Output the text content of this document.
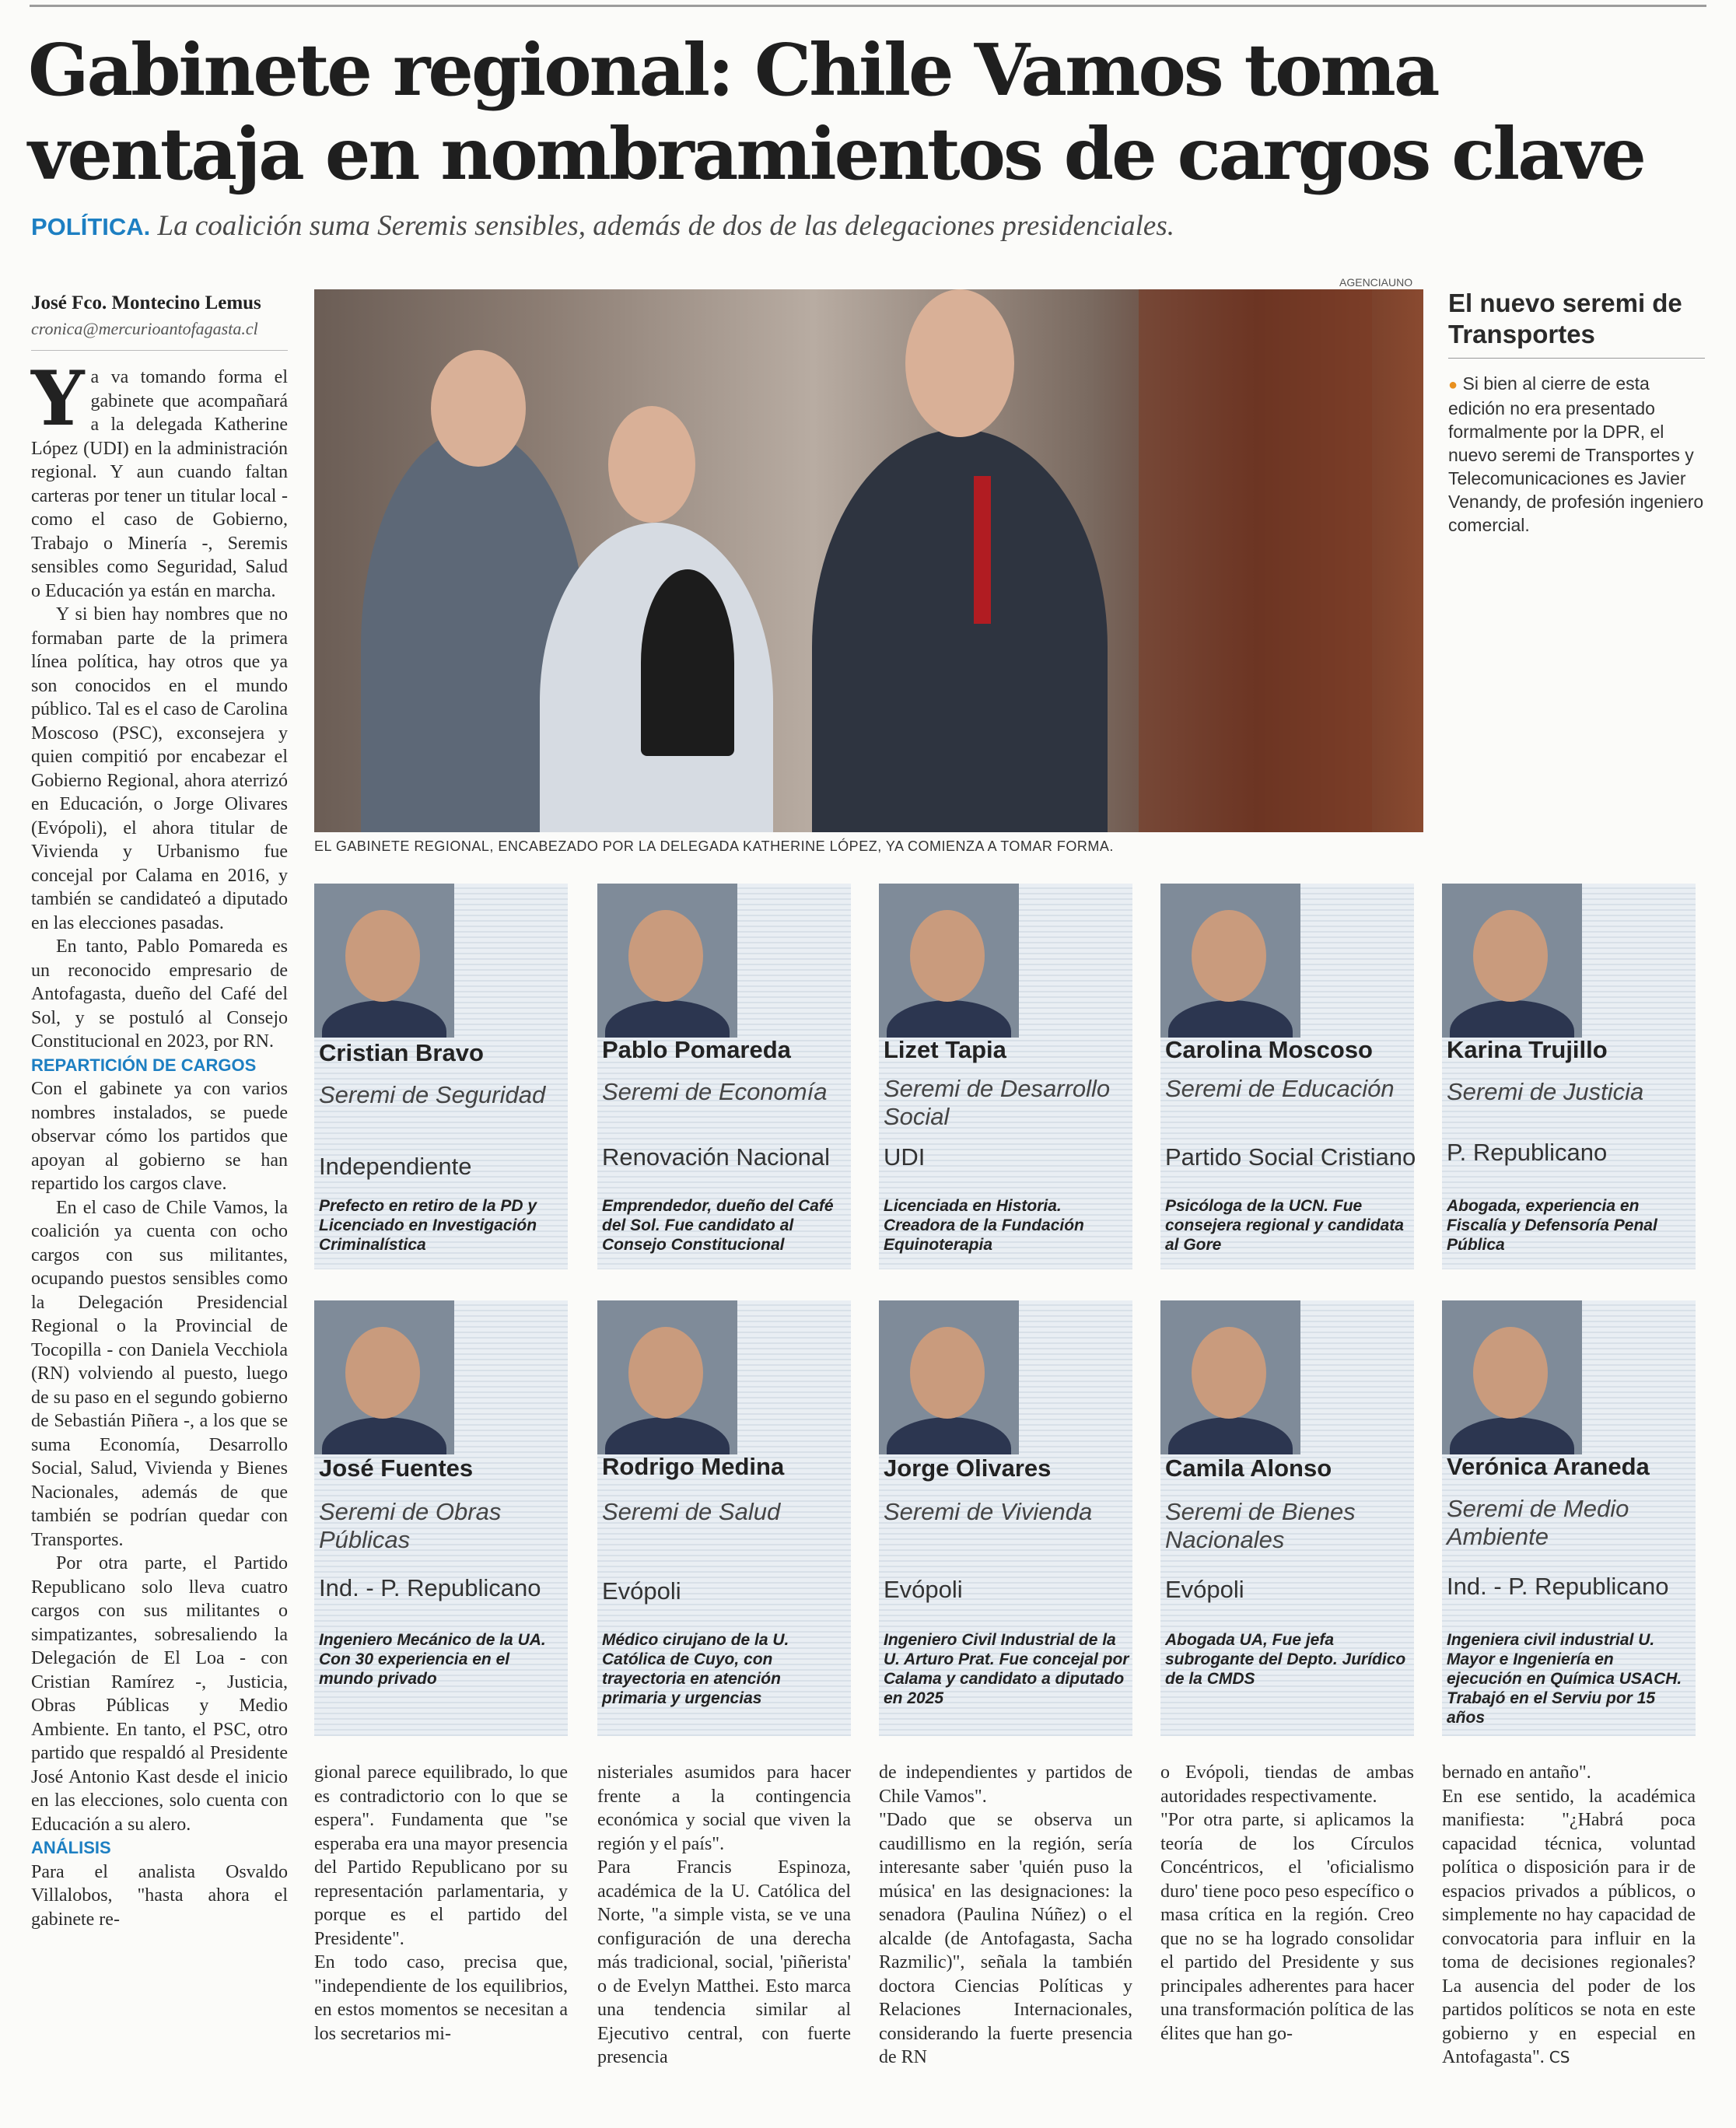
Gabinete regional: Chile Vamos toma ventaja en nombramientos de cargos clave
POLÍTICA. La coalición suma Seremis sensibles, además de dos de las delegaciones presidenciales.
José Fco. Montecino Lemus
cronica@mercurioantofagasta.cl

Ya va tomando forma el gabinete que acompañará a la delegada Katherine López (UDI) en la administración regional. Y aun cuando faltan carteras por tener un titular local - como el caso de Gobierno, Trabajo o Minería -, Seremis sensibles como Seguridad, Salud o Educación ya están en marcha.

Y si bien hay nombres que no formaban parte de la primera línea política, hay otros que ya son conocidos en el mundo público. Tal es el caso de Carolina Moscoso (PSC), exconsejera y quien compitió por encabezar el Gobierno Regional, ahora aterrizó en Educación, o Jorge Olivares (Evópoli), el ahora titular de Vivienda y Urbanismo fue concejal por Calama en 2016, y también se candidateó a diputado en las elecciones pasadas.

En tanto, Pablo Pomareda es un reconocido empresario de Antofagasta, dueño del Café del Sol, y se postuló al Consejo Constitucional en 2023, por RN.

REPARTICIÓN DE CARGOS

Con el gabinete ya con varios nombres instalados, se puede observar cómo los partidos que apoyan al gobierno se han repartido los cargos clave.

En el caso de Chile Vamos, la coalición ya cuenta con ocho cargos con sus militantes, ocupando puestos sensibles como la Delegación Presidencial Regional o la Provincial de Tocopilla - con Daniela Vecchiola (RN) volviendo al puesto, luego de su paso en el segundo gobierno de Sebastián Piñera -, a los que se suma Economía, Desarrollo Social, Salud, Vivienda y Bienes Nacionales, además de que también se podrían quedar con Transportes.

Por otra parte, el Partido Republicano solo lleva cuatro cargos con sus militantes o simpatizantes, sobresaliendo la Delegación de El Loa - con Cristian Ramírez -, Justicia, Obras Públicas y Medio Ambiente. En tanto, el PSC, otro partido que respaldó al Presidente José Antonio Kast desde el inicio en las elecciones, solo cuenta con Educación a su alero.

ANÁLISIS

Para el analista Osvaldo Villalobos, "hasta ahora el gabinete re-

AGENCIAUNO
EL GABINETE REGIONAL, ENCABEZADO POR LA DELEGADA KATHERINE LÓPEZ, YA COMIENZA A TOMAR FORMA.
El nuevo seremi de Transportes
● Si bien al cierre de esta edición no era presentado formalmente por la DPR, el nuevo seremi de Transportes y Telecomunicaciones es Javier Venandy, de profesión ingeniero comercial.
Cristian Bravo
Seremi de Seguridad
Independiente
Prefecto en retiro de la PD y Licenciado en Investigación Criminalística
Pablo Pomareda
Seremi de Economía
Renovación Nacional
Emprendedor, dueño del Café del Sol. Fue candidato al Consejo Constitucional
Lizet Tapia
Seremi de Desarrollo Social
UDI
Licenciada en Historia. Creadora de la Fundación Equinoterapia
Carolina Moscoso
Seremi de Educación
Partido Social Cristiano
Psicóloga de la UCN. Fue consejera regional y candidata al Gore
Karina Trujillo
Seremi de Justicia
P. Republicano
Abogada, experiencia en Fiscalía y Defensoría Penal Pública
José Fuentes
Seremi de Obras Públicas
Ind. - P. Republicano
Ingeniero Mecánico de la UA. Con 30 experiencia en el mundo privado
Rodrigo Medina
Seremi de Salud
Evópoli
Médico cirujano de la U. Católica de Cuyo, con trayectoria en atención primaria y urgencias
Jorge Olivares
Seremi de Vivienda
Evópoli
Ingeniero Civil Industrial de la U. Arturo Prat. Fue concejal por Calama y candidato a diputado en 2025
Camila Alonso
Seremi de Bienes Nacionales
Evópoli
Abogada UA, Fue jefa subrogante del Depto. Jurídico de la CMDS
Verónica Araneda
Seremi de Medio Ambiente
Ind. - P. Republicano
Ingeniera civil industrial U. Mayor e Ingeniería en ejecución en Química USACH. Trabajó en el Serviu por 15 años
gional parece equilibrado, lo que es contradictorio con lo que se espera". Fundamenta que "se esperaba era una mayor presencia del Partido Republicano por su representación parlamentaria, y porque es el partido del Presidente".
En todo caso, precisa que, "independiente de los equilibrios, en estos momentos se necesitan a los secretarios mi-
nisteriales asumidos para hacer frente a la contingencia económica y social que viven la región y el país".
Para Francis Espinoza, académica de la U. Católica del Norte, "a simple vista, se ve una configuración de una derecha más tradicional, social, 'piñerista' o de Evelyn Matthei. Esto marca una tendencia similar al Ejecutivo central, con fuerte presencia
de independientes y partidos de Chile Vamos".
"Dado que se observa un caudillismo en la región, sería interesante saber 'quién puso la música' en las designaciones: la senadora (Paulina Núñez) o el alcalde (de Antofagasta, Sacha Razmilic)", señala la también doctora Ciencias Políticas y Relaciones Internacionales, considerando la fuerte presencia de RN
o Evópoli, tiendas de ambas autoridades respectivamente.
"Por otra parte, si aplicamos la teoría de los Círculos Concéntricos, el 'oficialismo duro' tiene poco peso específico o masa crítica en la región. Creo que no se ha logrado consolidar el partido del Presidente y sus principales adherentes para hacer una transformación política de las élites que han go-
bernado en antaño".
En ese sentido, la académica manifiesta: "¿Habrá poca capacidad técnica, voluntad política o disposición para ir de espacios privados a públicos, o simplemente no hay capacidad de convocatoria para influir en la toma de decisiones regionales? La ausencia del poder de los partidos políticos se nota en este gobierno y en especial en Antofagasta". CS
